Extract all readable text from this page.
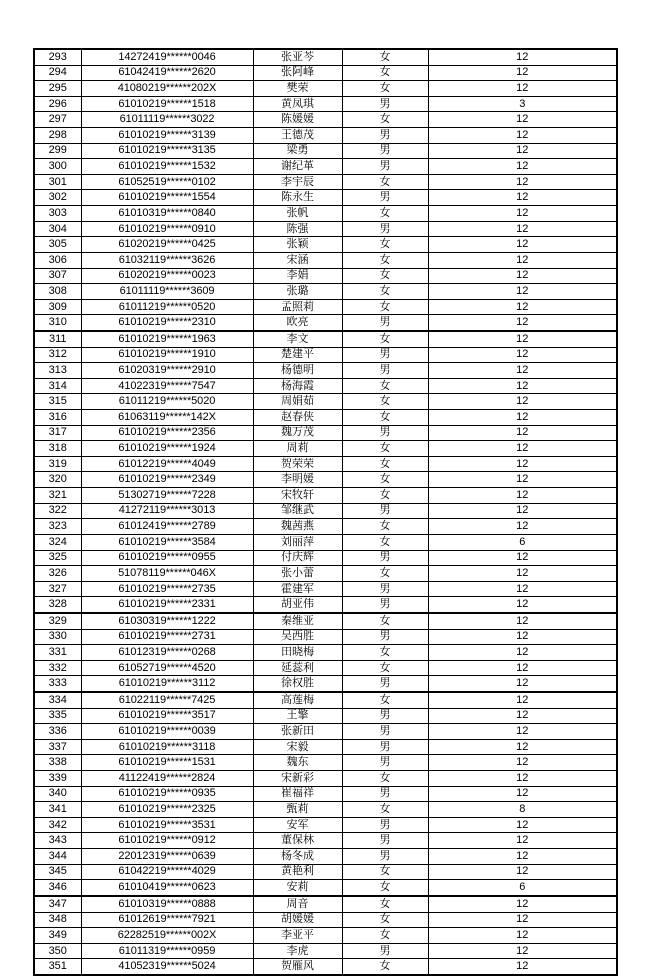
293	14272419******0046	张亚芩	女	12
294	61042419******2620	张阿峰	女	12
295	41080219******202X	樊荣	女	12
296	61010219******1518	黄凤琪	男	3
297	61011119******3022	陈媛媛	女	12
298	61010219******3139	王德茂	男	12
299	61010219******3135	梁勇	男	12
300	61010219******1532	谢纪革	男	12
301	61052519******0102	李宇辰	女	12
302	61010219******1554	陈永生	男	12
303	61010319******0840	张帆	女	12
304	61010219******0910	陈强	男	12
305	61020219******0425	张颖	女	12
306	61032119******3626	宋涵	女	12
307	61020219******0023	李娟	女	12
308	61011119******3609	张璐	女	12
309	61011219******0520	孟照莉	女	12
310	61010219******2310	欧亮	男	12
311	61010219******1963	李文	女	12
312	61010219******1910	楚建平	男	12
313	61020319******2910	杨德明	男	12
314	41022319******7547	杨海霞	女	12
315	61011219******5020	周娟茹	女	12
316	61063119******142X	赵春侠	女	12
317	61010219******2356	魏万茂	男	12
318	61010219******1924	周莉	女	12
319	61012219******4049	贺荣荣	女	12
320	61010219******2349	李明媛	女	12
321	51302719******7228	宋牧轩	女	12
322	41272119******3013	邹继武	男	12
323	61012419******2789	魏茜燕	女	12
324	61010219******3584	刘丽萍	女	6
325	61010219******0955	付庆辉	男	12
326	51078119******046X	张小蕾	女	12
327	61010219******2735	霍建军	男	12
328	61010219******2331	胡亚伟	男	12
329	61030319******1222	秦维亚	女	12
330	61010219******2731	吴西胜	男	12
331	61012319******0268	田晓梅	女	12
332	61052719******4520	延蕊利	女	12
333	61010219******3112	徐权胜	男	12
334	61022119******7425	高莲梅	女	12
335	61010219******3517	王擎	男	12
336	61010219******0039	张新田	男	12
337	61010219******3118	宋毅	男	12
338	61010219******1531	魏东	男	12
339	41122419******2824	宋新彩	女	12
340	61010219******0935	崔福祥	男	12
341	61010219******2325	甄莉	女	8
342	61010219******3531	安军	男	12
343	61010219******0912	董保林	男	12
344	22012319******0639	杨冬成	男	12
345	61042219******4029	黄艳利	女	12
346	61010419******0623	安莉	女	6
347	61010319******0888	周音	女	12
348	61012619******7921	胡媛媛	女	12
349	62282519******002X	李亚平	女	12
350	61011319******0959	李虎	男	12
351	41052319******5024	贺雁风	女	12
